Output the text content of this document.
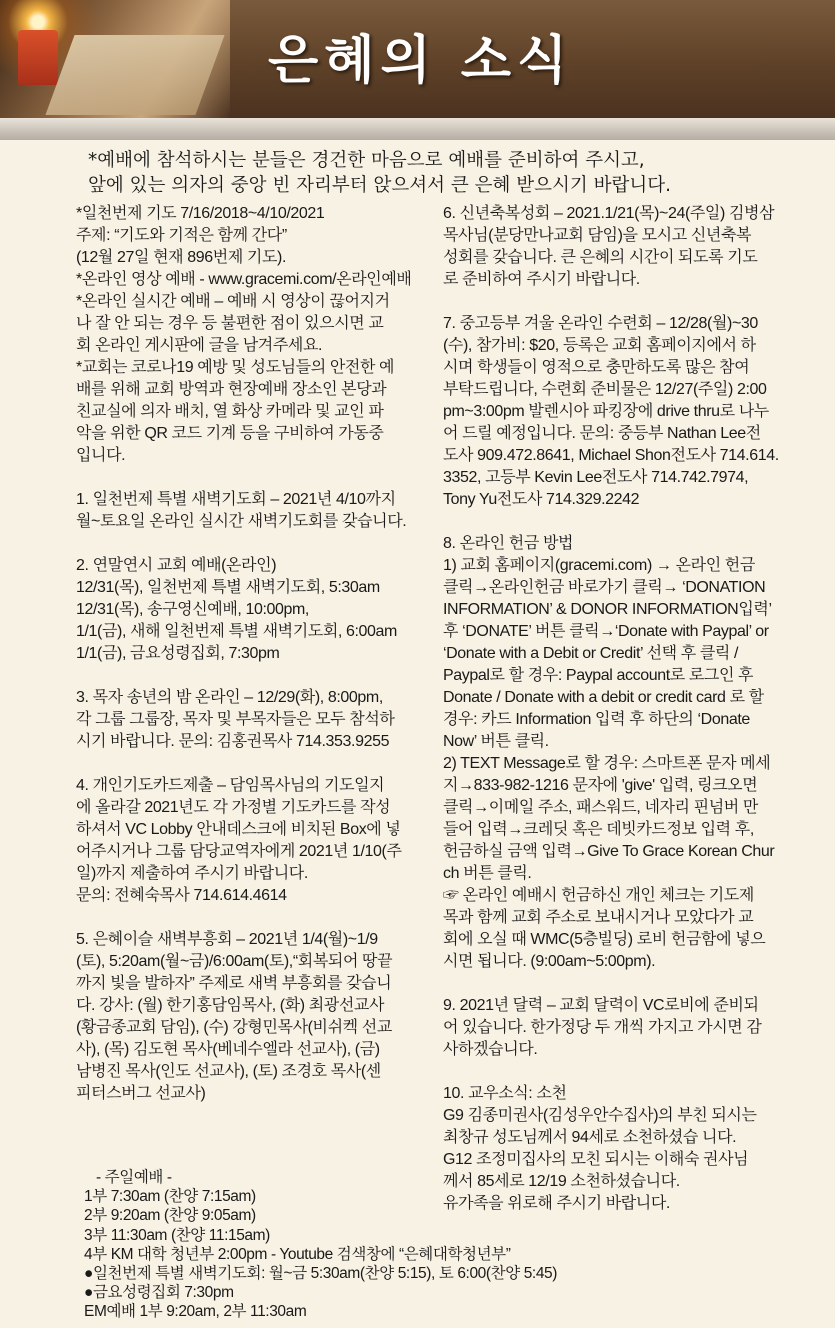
은혜의 소식
*예배에 참석하시는 분들은 경건한 마음으로 예배를 준비하여 주시고,
앞에 있는 의자의 중앙 빈 자리부터 앉으셔서 큰 은혜 받으시기 바랍니다.
*일천번제 기도 7/16/2018~4/10/2021
주제: “기도와 기적은 함께 간다”
(12월 27일 현재 896번제 기도).
*온라인 영상 예배 - www.gracemi.com/온라인예배
*온라인 실시간 예배 – 예배 시 영상이 끊어지거
나 잘 안 되는 경우 등 불편한 점이 있으시면 교
회 온라인 게시판에 글을 남겨주세요.
*교회는 코로나19 예방 및 성도님들의 안전한 예
배를 위해 교회 방역과 현장예배 장소인 본당과
친교실에 의자 배치, 열 화상 카메라 및 교인 파
악을 위한 QR 코드 기계 등을 구비하여 가동중
입니다.
1. 일천번제 특별 새벽기도회 – 2021년 4/10까지
월~토요일 온라인 실시간 새벽기도회를 갖습니다.
2. 연말연시 교회 예배(온라인)
12/31(목), 일천번제 특별 새벽기도회, 5:30am
12/31(목), 송구영신예배, 10:00pm,
1/1(금), 새해 일천번제 특별 새벽기도회, 6:00am
1/1(금), 금요성령집회, 7:30pm
3. 목자 송년의 밤 온라인 – 12/29(화), 8:00pm,
각 그룹 그룹장, 목자 및 부목자들은 모두 참석하
시기 바랍니다. 문의: 김홍권목사 714.353.9255
4. 개인기도카드제출 – 담임목사님의 기도일지
에 올라갈 2021년도 각 가정별 기도카드를 작성
하셔서 VC Lobby 안내데스크에 비치된 Box에 넣
어주시거나 그룹 담당교역자에게 2021년 1/10(주
일)까지 제출하여 주시기 바랍니다.
문의: 전혜숙목사 714.614.4614
5. 은혜이슬 새벽부흥회 – 2021년 1/4(월)~1/9
(토), 5:20am(월~금)/6:00am(토),“회복되어 땅끝
까지 빛을 발하자” 주제로 새벽 부흥회를 갖습니
다. 강사: (월) 한기홍담임목사, (화) 최광선교사
(황금종교회 담임), (수) 강형민목사(비쉬켁 선교
사), (목) 김도현 목사(베네수엘라 선교사), (금)
남병진 목사(인도 선교사), (토) 조경호 목사(센
피터스버그 선교사)
6. 신년축복성회 – 2021.1/21(목)~24(주일) 김병삼
목사님(분당만나교회 담임)을 모시고 신년축복
성회를 갖습니다. 큰 은혜의 시간이 되도록 기도
로 준비하여 주시기 바랍니다.
7. 중고등부 겨울 온라인 수련회 – 12/28(월)~30
(수), 참가비: $20, 등록은 교회 홈페이지에서 하
시며 학생들이 영적으로 충만하도록 많은 참여
부탁드립니다, 수련회 준비물은 12/27(주일) 2:00
pm~3:00pm 발렌시아 파킹장에 drive thru로 나누
어 드릴 예정입니다. 문의: 중등부 Nathan Lee전
도사 909.472.8641, Michael Shon전도사 714.614.
3352, 고등부 Kevin Lee전도사 714.742.7974,
Tony Yu전도사 714.329.2242
8. 온라인 헌금 방법
1) 교회 홈페이지(gracemi.com) → 온라인 헌금
클릭→온라인헌금 바로가기 클릭→ ‘DONATION
INFORMATION’ & DONOR INFORMATION입력’
후 ‘DONATE’ 버튼 클릭→‘Donate with Paypal’ or
‘Donate with a Debit or Credit’ 선택 후 클릭 /
Paypal로 할 경우: Paypal account로 로그인 후
Donate / Donate with a debit or credit card 로 할
경우: 카드 Information 입력 후 하단의 ‘Donate
Now’ 버튼 클릭.
2) TEXT Message로 할 경우: 스마트폰 문자 메세
지→833-982-1216 문자에 'give' 입력, 링크오면
클릭→이메일 주소, 패스워드, 네자리 핀넘버 만
들어 입력→크레딧 혹은 데빗카드정보 입력 후,
헌금하실 금액 입력→Give To Grace Korean Chur
ch 버튼 클릭.
☞ 온라인 예배시 헌금하신 개인 체크는 기도제
목과 함께 교회 주소로 보내시거나 모았다가 교
회에 오실 때 WMC(5층빌딩) 로비 헌금함에 넣으
시면 됩니다. (9:00am~5:00pm).
9. 2021년 달력 – 교회 달력이 VC로비에 준비되
어 있습니다. 한가정당 두 개씩 가지고 가시면 감
사하겠습니다.
10. 교우소식: 소천
G9 김종미권사(김성우안수집사)의 부친 되시는
최창규 성도님께서 94세로 소천하셨습 니다.
G12 조정미집사의 모친 되시는 이해숙 권사님
께서 85세로 12/19 소천하셨습니다.
유가족을 위로해 주시기 바랍니다.
- 주일예배 -
1부 7:30am (찬양 7:15am)
2부 9:20am (찬양 9:05am)
3부 11:30am (찬양 11:15am)
4부 KM 대학 청년부 2:00pm - Youtube 검색창에 “은혜대학청년부”
●일천번제 특별 새벽기도회: 월~금 5:30am(찬양 5:15), 토 6:00(찬양 5:45)
●금요성령집회 7:30pm
EM예배 1부 9:20am, 2부 11:30am
